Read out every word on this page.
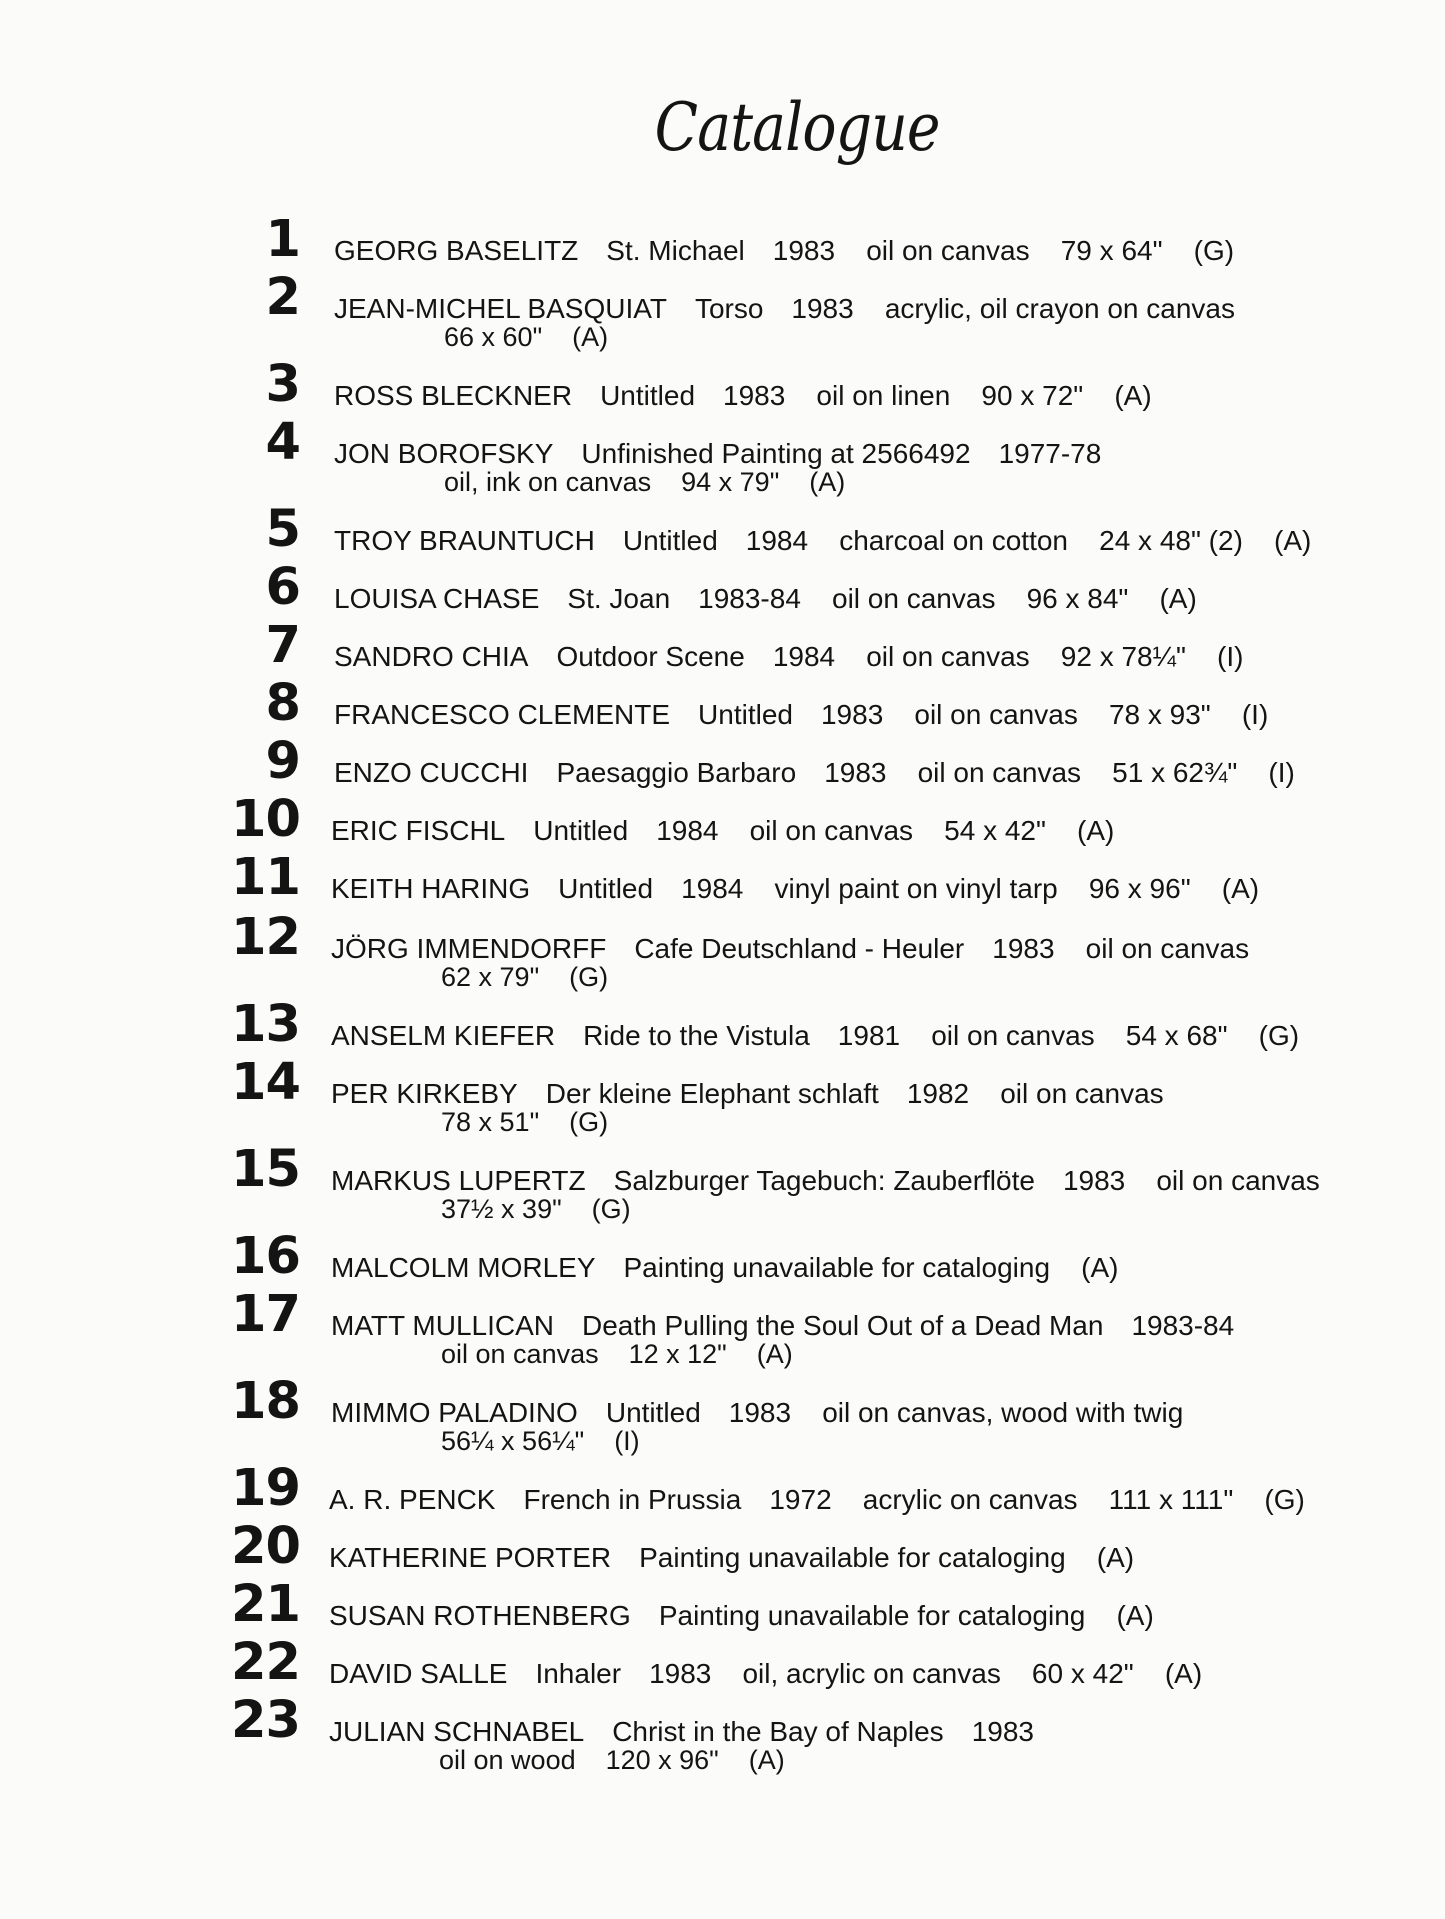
Catalogue
1 GEORG BASELITZ St. Michael 1983    oil on canvas    79 x 64"    (G)
2 JEAN-MICHEL BASQUIAT Torso 1983    acrylic, oil crayon on canvas
66 x 60"    (A)
3 ROSS BLECKNER Untitled 1983    oil on linen    90 x 72"    (A)
4 JON BOROFSKY Unfinished Painting at 2566492 1977-78
oil, ink on canvas    94 x 79"    (A)
5 TROY BRAUNTUCH Untitled 1984    charcoal on cotton    24 x 48" (2)    (A)
6 LOUISA CHASE St. Joan 1983-84    oil on canvas    96 x 84"    (A)
7 SANDRO CHIA Outdoor Scene 1984    oil on canvas    92 x 78¼"    (I)
8 FRANCESCO CLEMENTE Untitled 1983    oil on canvas    78 x 93"    (I)
9 ENZO CUCCHI Paesaggio Barbaro 1983    oil on canvas    51 x 62¾"    (I)
10 ERIC FISCHL Untitled 1984    oil on canvas    54 x 42"    (A)
11 KEITH HARING Untitled 1984    vinyl paint on vinyl tarp    96 x 96"    (A)
12 JÖRG IMMENDORFF Cafe Deutschland - Heuler 1983    oil on canvas
62 x 79"    (G)
13 ANSELM KIEFER Ride to the Vistula 1981    oil on canvas    54 x 68"    (G)
14 PER KIRKEBY Der kleine Elephant schlaft 1982    oil on canvas
78 x 51"    (G)
15 MARKUS LUPERTZ Salzburger Tagebuch: Zauberflöte 1983    oil on canvas
37½ x 39"    (G)
16 MALCOLM MORLEY Painting unavailable for cataloging    (A)
17 MATT MULLICAN Death Pulling the Soul Out of a Dead Man 1983-84
oil on canvas    12 x 12"    (A)
18 MIMMO PALADINO Untitled 1983    oil on canvas, wood with twig
56¼ x 56¼"    (I)
19 A. R. PENCK French in Prussia 1972    acrylic on canvas    111 x 111"    (G)
20 KATHERINE PORTER Painting unavailable for cataloging    (A)
21 SUSAN ROTHENBERG Painting unavailable for cataloging    (A)
22 DAVID SALLE Inhaler 1983    oil, acrylic on canvas    60 x 42"    (A)
23 JULIAN SCHNABEL Christ in the Bay of Naples 1983
oil on wood    120 x 96"    (A)
